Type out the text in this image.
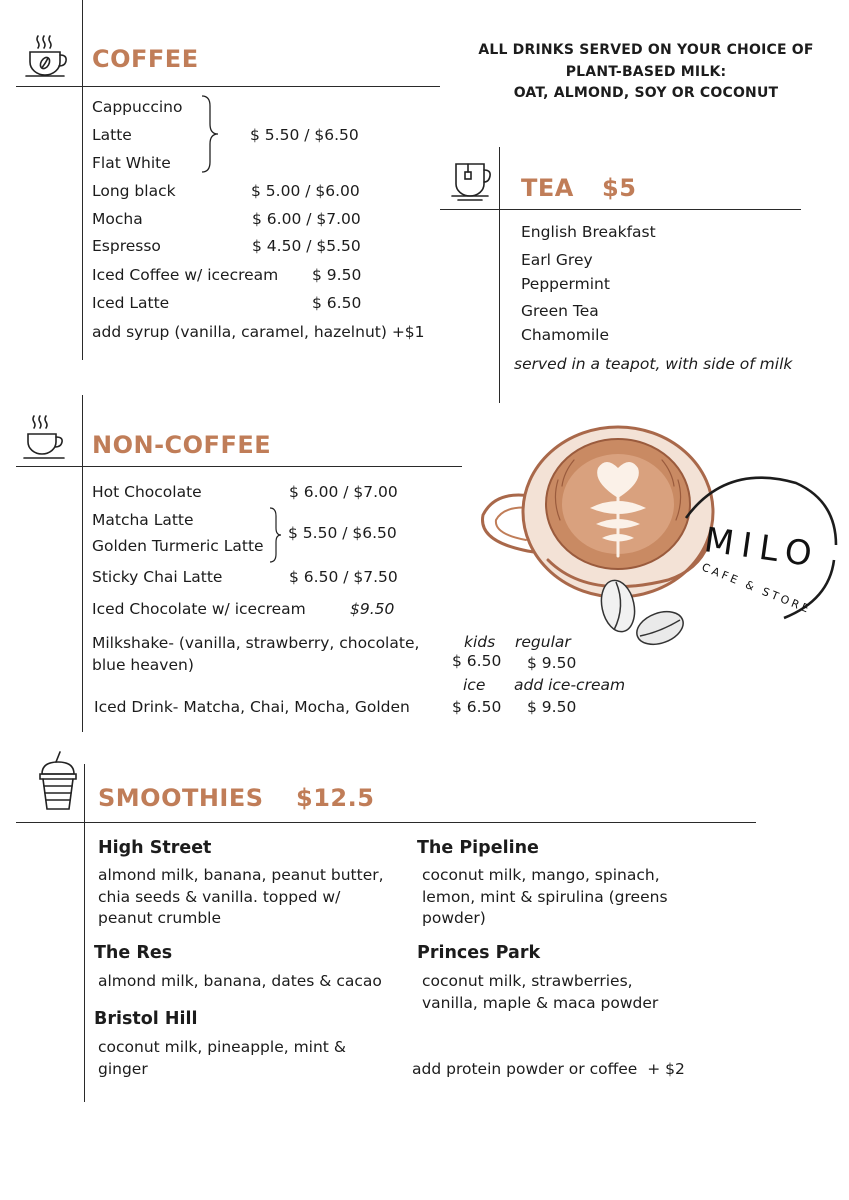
COFFEE
Cappuccino
Latte
Flat White
$ 5.50 / $6.50
Long black	$ 5.00 / $6.00
Mocha	$ 6.00 / $7.00
Espresso	$ 4.50 / $5.50
Iced Coffee w/ icecream $ 9.50
Iced Latte	$ 6.50
add syrup (vanilla, caramel, hazelnut) +$1
ALL DRINKS SERVED ON YOUR CHOICE OF
PLANT-BASED MILK:
OAT, ALMOND, SOY OR COCONUT
TEA $5
English Breakfast
Earl Grey
Peppermint
Green Tea
Chamomile
served in a teapot, with side of milk
NON-COFFEE
Hot Chocolate	$ 6.00 / $7.00
Matcha Latte
Golden Turmeric Latte
$ 5.50 / $6.50
Sticky Chai Latte	$ 6.50 / $7.50
Iced Chocolate w/ icecream	$9.50
Milkshake- (vanilla, strawberry, chocolate,
blue heaven)
kids regular
$ 6.50 $ 9.50
ice add ice-cream
Iced Drink- Matcha, Chai, Mocha, Golden	$ 6.50 $ 9.50
MILO
CAFE & STORE
SMOOTHIES $12.5
High Street
almond milk, banana, peanut butter, chia seeds & vanilla. topped w/ peanut crumble
The Pipeline
coconut milk, mango, spinach, lemon, mint & spirulina (greens powder)
The Res
almond milk, banana, dates & cacao
Princes Park
coconut milk, strawberries, vanilla, maple & maca powder
Bristol Hill
coconut milk, pineapple, mint & ginger	add protein powder or coffee  + $2
